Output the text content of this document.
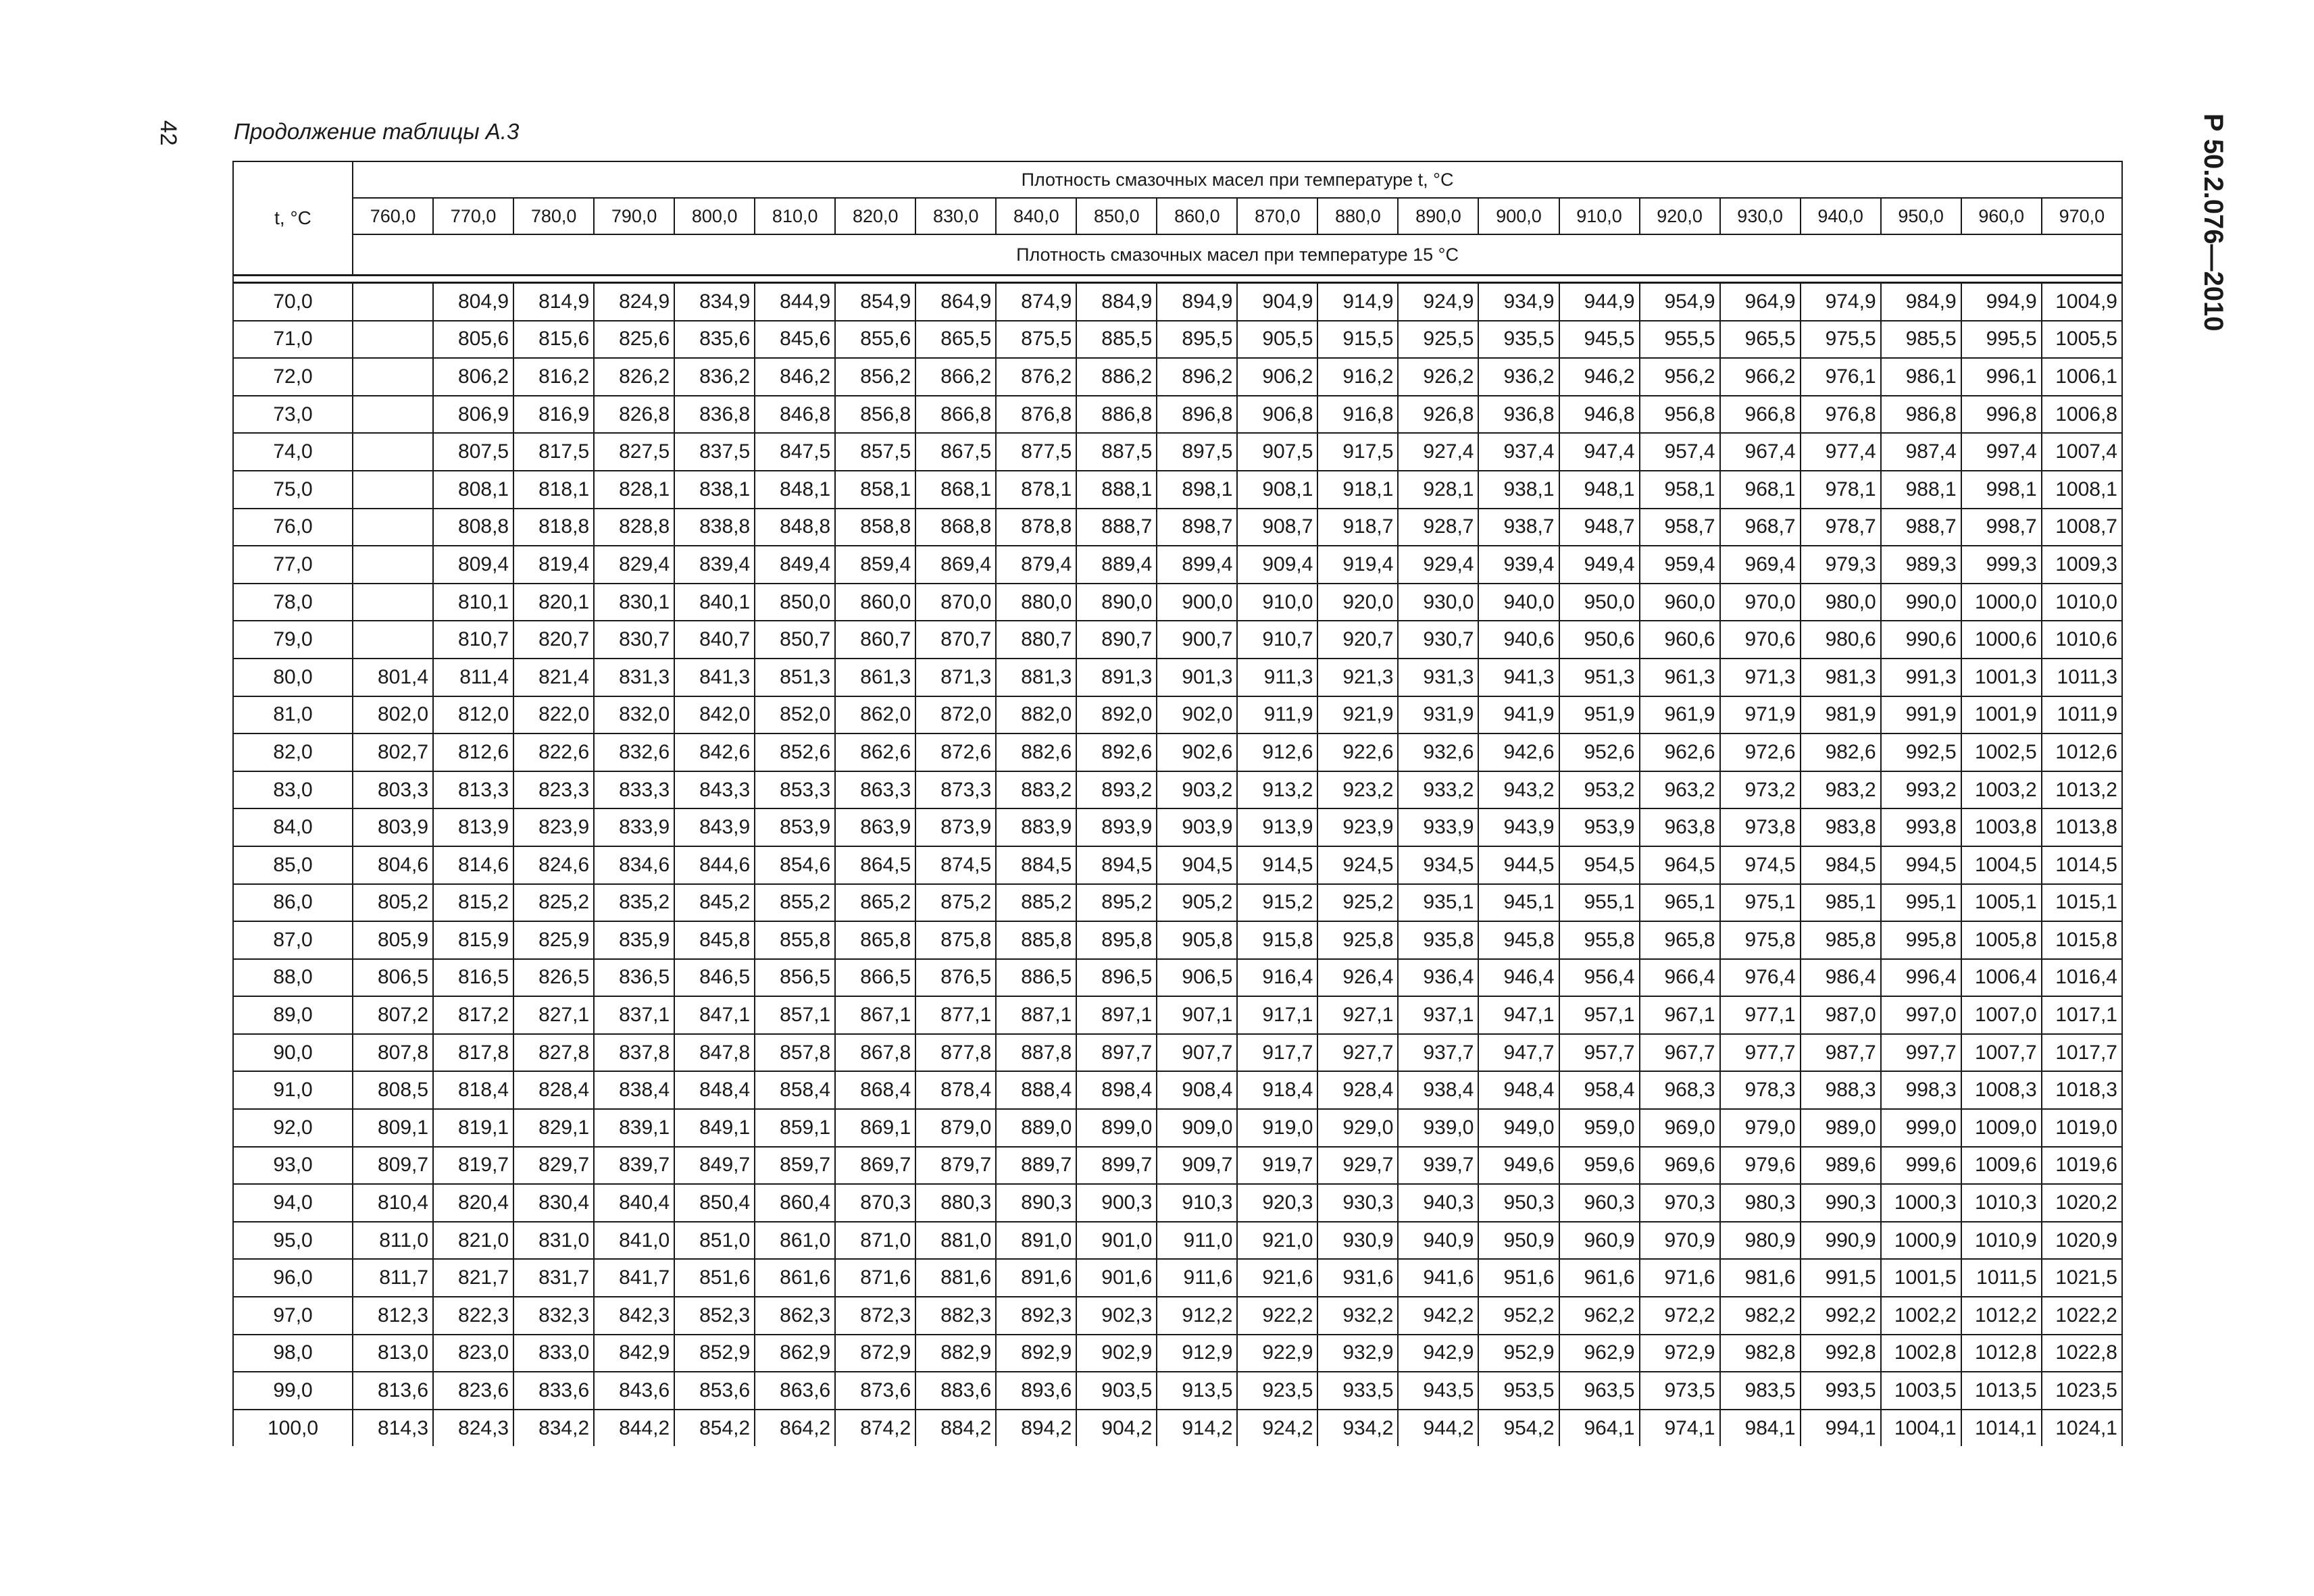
42 Продолжение таблицы А.3	Р 50.2.076—2010
t, °C	Плотность смазочных масел при температуре t, °C																					
	760,0	770,0	780,0	790,0	800,0	810,0	820,0	830,0	840,0	850,0	860,0	870,0	880,0	890,0	900,0	910,0	920,0	930,0	940,0	950,0	960,0	970,0
	Плотность смазочных масел при температуре 15 °C																					

70,0		804,9	814,9	824,9	834,9	844,9	854,9	864,9	874,9	884,9	894,9	904,9	914,9	924,9	934,9	944,9	954,9	964,9	974,9	984,9	994,9	1004,9
71,0		805,6	815,6	825,6	835,6	845,6	855,6	865,5	875,5	885,5	895,5	905,5	915,5	925,5	935,5	945,5	955,5	965,5	975,5	985,5	995,5	1005,5
72,0		806,2	816,2	826,2	836,2	846,2	856,2	866,2	876,2	886,2	896,2	906,2	916,2	926,2	936,2	946,2	956,2	966,2	976,1	986,1	996,1	1006,1
73,0		806,9	816,9	826,8	836,8	846,8	856,8	866,8	876,8	886,8	896,8	906,8	916,8	926,8	936,8	946,8	956,8	966,8	976,8	986,8	996,8	1006,8
74,0		807,5	817,5	827,5	837,5	847,5	857,5	867,5	877,5	887,5	897,5	907,5	917,5	927,4	937,4	947,4	957,4	967,4	977,4	987,4	997,4	1007,4
75,0		808,1	818,1	828,1	838,1	848,1	858,1	868,1	878,1	888,1	898,1	908,1	918,1	928,1	938,1	948,1	958,1	968,1	978,1	988,1	998,1	1008,1
76,0		808,8	818,8	828,8	838,8	848,8	858,8	868,8	878,8	888,7	898,7	908,7	918,7	928,7	938,7	948,7	958,7	968,7	978,7	988,7	998,7	1008,7
77,0		809,4	819,4	829,4	839,4	849,4	859,4	869,4	879,4	889,4	899,4	909,4	919,4	929,4	939,4	949,4	959,4	969,4	979,3	989,3	999,3	1009,3
78,0		810,1	820,1	830,1	840,1	850,0	860,0	870,0	880,0	890,0	900,0	910,0	920,0	930,0	940,0	950,0	960,0	970,0	980,0	990,0	1000,0	1010,0
79,0		810,7	820,7	830,7	840,7	850,7	860,7	870,7	880,7	890,7	900,7	910,7	920,7	930,7	940,6	950,6	960,6	970,6	980,6	990,6	1000,6	1010,6
80,0	801,4	811,4	821,4	831,3	841,3	851,3	861,3	871,3	881,3	891,3	901,3	911,3	921,3	931,3	941,3	951,3	961,3	971,3	981,3	991,3	1001,3	1011,3
81,0	802,0	812,0	822,0	832,0	842,0	852,0	862,0	872,0	882,0	892,0	902,0	911,9	921,9	931,9	941,9	951,9	961,9	971,9	981,9	991,9	1001,9	1011,9
82,0	802,7	812,6	822,6	832,6	842,6	852,6	862,6	872,6	882,6	892,6	902,6	912,6	922,6	932,6	942,6	952,6	962,6	972,6	982,6	992,5	1002,5	1012,6
83,0	803,3	813,3	823,3	833,3	843,3	853,3	863,3	873,3	883,2	893,2	903,2	913,2	923,2	933,2	943,2	953,2	963,2	973,2	983,2	993,2	1003,2	1013,2
84,0	803,9	813,9	823,9	833,9	843,9	853,9	863,9	873,9	883,9	893,9	903,9	913,9	923,9	933,9	943,9	953,9	963,8	973,8	983,8	993,8	1003,8	1013,8
85,0	804,6	814,6	824,6	834,6	844,6	854,6	864,5	874,5	884,5	894,5	904,5	914,5	924,5	934,5	944,5	954,5	964,5	974,5	984,5	994,5	1004,5	1014,5
86,0	805,2	815,2	825,2	835,2	845,2	855,2	865,2	875,2	885,2	895,2	905,2	915,2	925,2	935,1	945,1	955,1	965,1	975,1	985,1	995,1	1005,1	1015,1
87,0	805,9	815,9	825,9	835,9	845,8	855,8	865,8	875,8	885,8	895,8	905,8	915,8	925,8	935,8	945,8	955,8	965,8	975,8	985,8	995,8	1005,8	1015,8
88,0	806,5	816,5	826,5	836,5	846,5	856,5	866,5	876,5	886,5	896,5	906,5	916,4	926,4	936,4	946,4	956,4	966,4	976,4	986,4	996,4	1006,4	1016,4
89,0	807,2	817,2	827,1	837,1	847,1	857,1	867,1	877,1	887,1	897,1	907,1	917,1	927,1	937,1	947,1	957,1	967,1	977,1	987,0	997,0	1007,0	1017,1
90,0	807,8	817,8	827,8	837,8	847,8	857,8	867,8	877,8	887,8	897,7	907,7	917,7	927,7	937,7	947,7	957,7	967,7	977,7	987,7	997,7	1007,7	1017,7
91,0	808,5	818,4	828,4	838,4	848,4	858,4	868,4	878,4	888,4	898,4	908,4	918,4	928,4	938,4	948,4	958,4	968,3	978,3	988,3	998,3	1008,3	1018,3
92,0	809,1	819,1	829,1	839,1	849,1	859,1	869,1	879,0	889,0	899,0	909,0	919,0	929,0	939,0	949,0	959,0	969,0	979,0	989,0	999,0	1009,0	1019,0
93,0	809,7	819,7	829,7	839,7	849,7	859,7	869,7	879,7	889,7	899,7	909,7	919,7	929,7	939,7	949,6	959,6	969,6	979,6	989,6	999,6	1009,6	1019,6
94,0	810,4	820,4	830,4	840,4	850,4	860,4	870,3	880,3	890,3	900,3	910,3	920,3	930,3	940,3	950,3	960,3	970,3	980,3	990,3	1000,3	1010,3	1020,2
95,0	811,0	821,0	831,0	841,0	851,0	861,0	871,0	881,0	891,0	901,0	911,0	921,0	930,9	940,9	950,9	960,9	970,9	980,9	990,9	1000,9	1010,9	1020,9
96,0	811,7	821,7	831,7	841,7	851,6	861,6	871,6	881,6	891,6	901,6	911,6	921,6	931,6	941,6	951,6	961,6	971,6	981,6	991,5	1001,5	1011,5	1021,5
97,0	812,3	822,3	832,3	842,3	852,3	862,3	872,3	882,3	892,3	902,3	912,2	922,2	932,2	942,2	952,2	962,2	972,2	982,2	992,2	1002,2	1012,2	1022,2
98,0	813,0	823,0	833,0	842,9	852,9	862,9	872,9	882,9	892,9	902,9	912,9	922,9	932,9	942,9	952,9	962,9	972,9	982,8	992,8	1002,8	1012,8	1022,8
99,0	813,6	823,6	833,6	843,6	853,6	863,6	873,6	883,6	893,6	903,5	913,5	923,5	933,5	943,5	953,5	963,5	973,5	983,5	993,5	1003,5	1013,5	1023,5
100,0	814,3	824,3	834,2	844,2	854,2	864,2	874,2	884,2	894,2	904,2	914,2	924,2	934,2	944,2	954,2	964,1	974,1	984,1	994,1	1004,1	1014,1	1024,1
